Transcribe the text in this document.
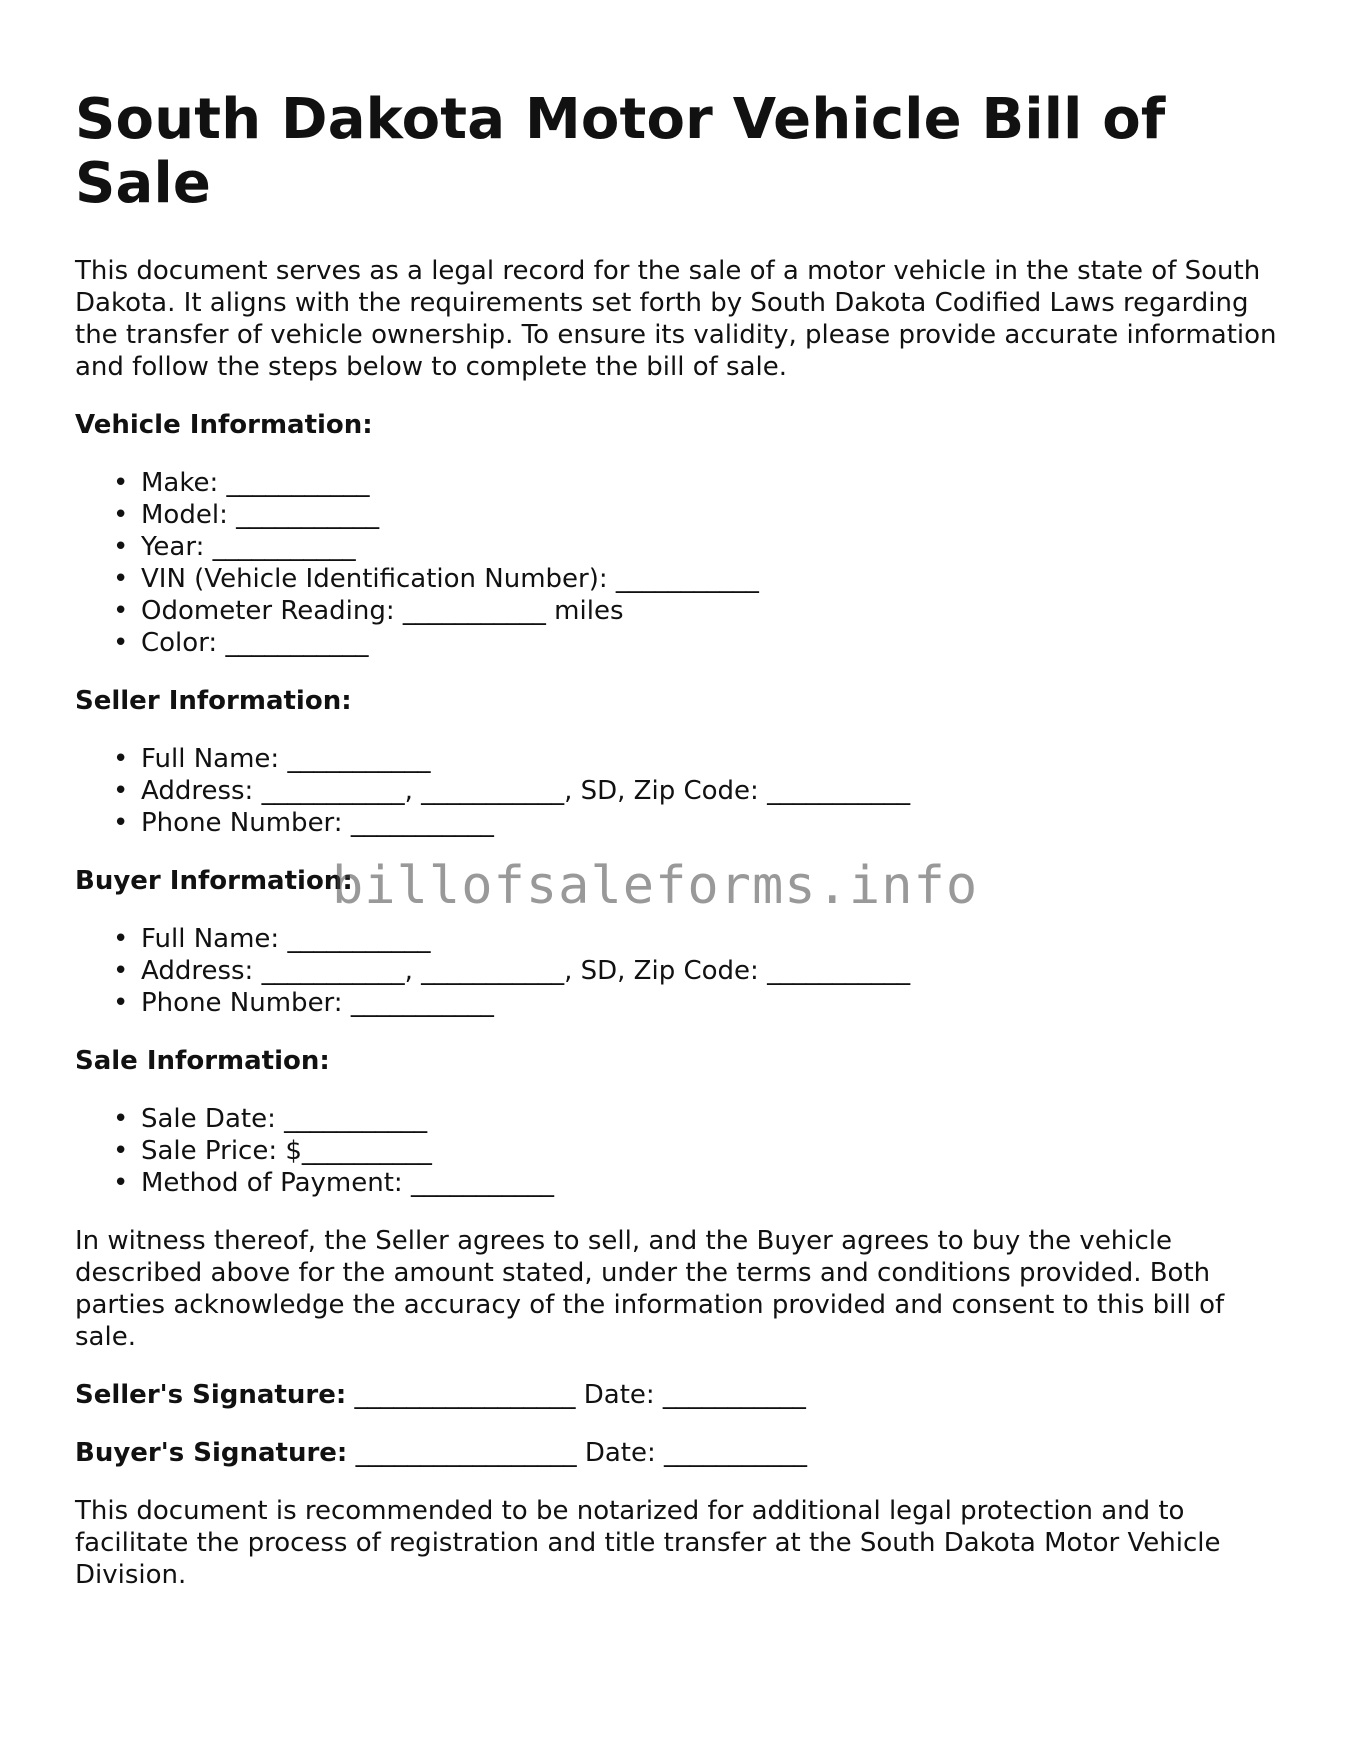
South Dakota Motor Vehicle Bill of Sale

This document serves as a legal record for the sale of a motor vehicle in the state of South Dakota. It aligns with the requirements set forth by South Dakota Codified Laws regarding the transfer of vehicle ownership. To ensure its validity, please provide accurate information and follow the steps below to complete the bill of sale.

Vehicle Information:
• Make: ___________
• Model: ___________
• Year: ___________
• VIN (Vehicle Identification Number): ___________
• Odometer Reading: ___________ miles
• Color: ___________
Seller Information:
• Full Name: ___________
• Address: ___________, ___________, SD, Zip Code: ___________
• Phone Number: ___________
Buyer Information:
• Full Name: ___________
• Address: ___________, ___________, SD, Zip Code: ___________
• Phone Number: ___________
Sale Information:
• Sale Date: ___________
• Sale Price: $__________
• Method of Payment: ___________

In witness thereof, the Seller agrees to sell, and the Buyer agrees to buy the vehicle described above for the amount stated, under the terms and conditions provided. Both parties acknowledge the accuracy of the information provided and consent to this bill of sale.

Seller's Signature: _________________ Date: ___________
Buyer's Signature: _________________ Date: ___________

This document is recommended to be notarized for additional legal protection and to facilitate the process of registration and title transfer at the South Dakota Motor Vehicle Division.

billofsaleforms.info
